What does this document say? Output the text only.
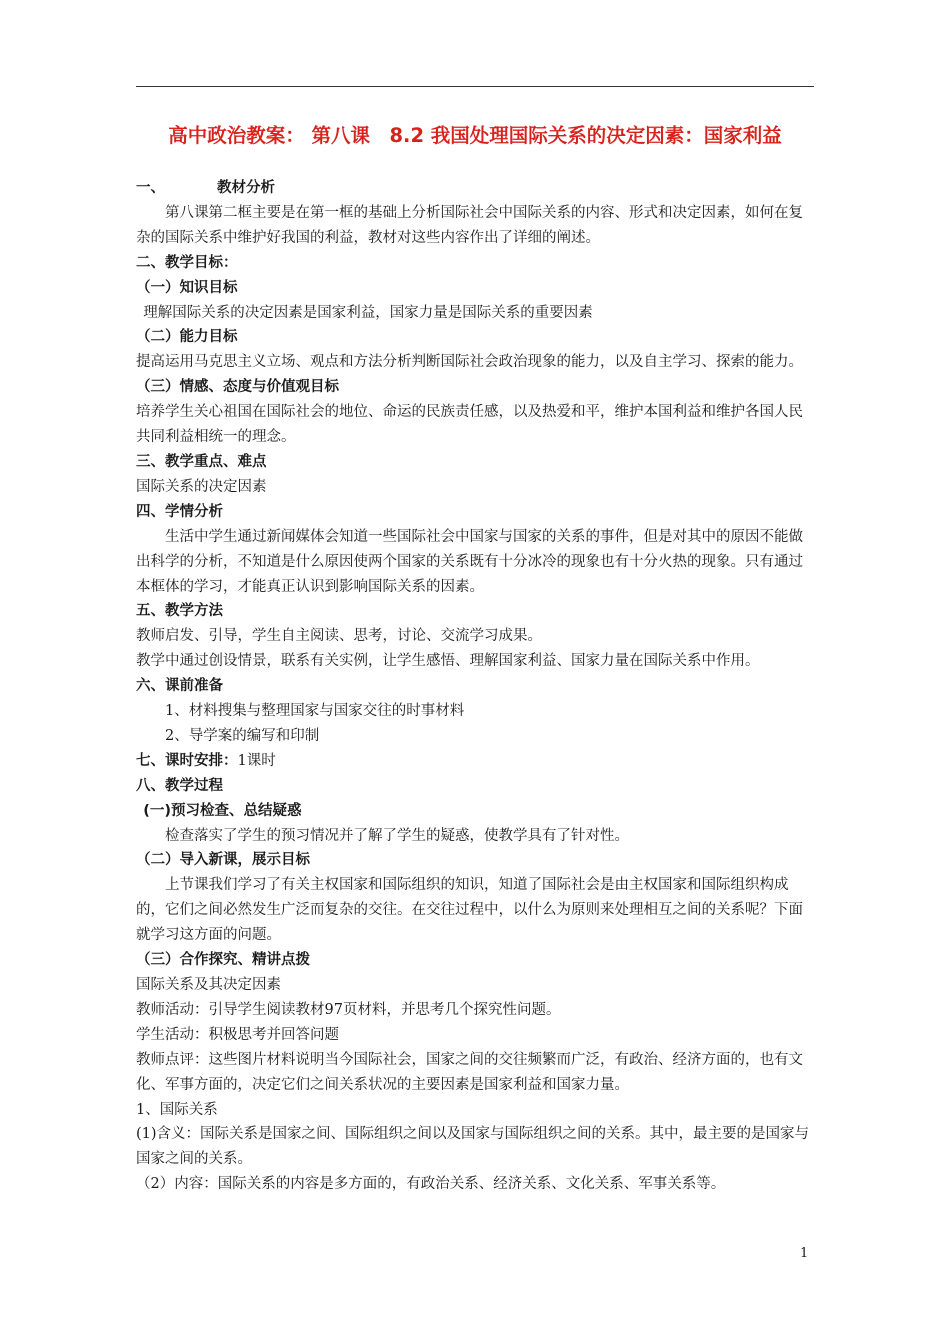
高中政治教案： 第八课　8.2 我国处理国际关系的决定因素：国家利益

一、	教材分析

第八课第二框主要是在第一框的基础上分析国际社会中国际关系的内容、形式和决定因素，如何在复杂的国际关系中维护好我国的利益，教材对这些内容作出了详细的阐述。

二、教学目标：

（一）知识目标

理解国际关系的决定因素是国家利益，国家力量是国际关系的重要因素

（二）能力目标

提高运用马克思主义立场、观点和方法分析判断国际社会政治现象的能力，以及自主学习、探索的能力。

（三）情感、态度与价值观目标

培养学生关心祖国在国际社会的地位、命运的民族责任感，以及热爱和平，维护本国利益和维护各国人民共同利益相统一的理念。

三、教学重点、难点

国际关系的决定因素

四、学情分析

生活中学生通过新闻媒体会知道一些国际社会中国家与国家的关系的事件，但是对其中的原因不能做出科学的分析，不知道是什么原因使两个国家的关系既有十分冰冷的现象也有十分火热的现象。只有通过本框体的学习，才能真正认识到影响国际关系的因素。

五、教学方法

教师启发、引导，学生自主阅读、思考，讨论、交流学习成果。

教学中通过创设情景，联系有关实例，让学生感悟、理解国家利益、国家力量在国际关系中作用。

六、课前准备

1、材料搜集与整理国家与国家交往的时事材料

2、导学案的编写和印制

七、课时安排：1课时

八、教学过程

(一)预习检查、总结疑惑

检查落实了学生的预习情况并了解了学生的疑惑，使教学具有了针对性。

（二）导入新课，展示目标

上节课我们学习了有关主权国家和国际组织的知识，知道了国际社会是由主权国家和国际组织构成的，它们之间必然发生广泛而复杂的交往。在交往过程中，以什么为原则来处理相互之间的关系呢？下面就学习这方面的问题。

（三）合作探究、精讲点拨

国际关系及其决定因素

教师活动：引导学生阅读教材97页材料，并思考几个探究性问题。

学生活动：积极思考并回答问题

教师点评：这些图片材料说明当今国际社会，国家之间的交往频繁而广泛，有政治、经济方面的，也有文化、军事方面的，决定它们之间关系状况的主要因素是国家利益和国家力量。

1、国际关系

(1)含义：国际关系是国家之间、国际组织之间以及国家与国际组织之间的关系。其中，最主要的是国家与国家之间的关系。

（2）内容：国际关系的内容是多方面的，有政治关系、经济关系、文化关系、军事关系等。

1
